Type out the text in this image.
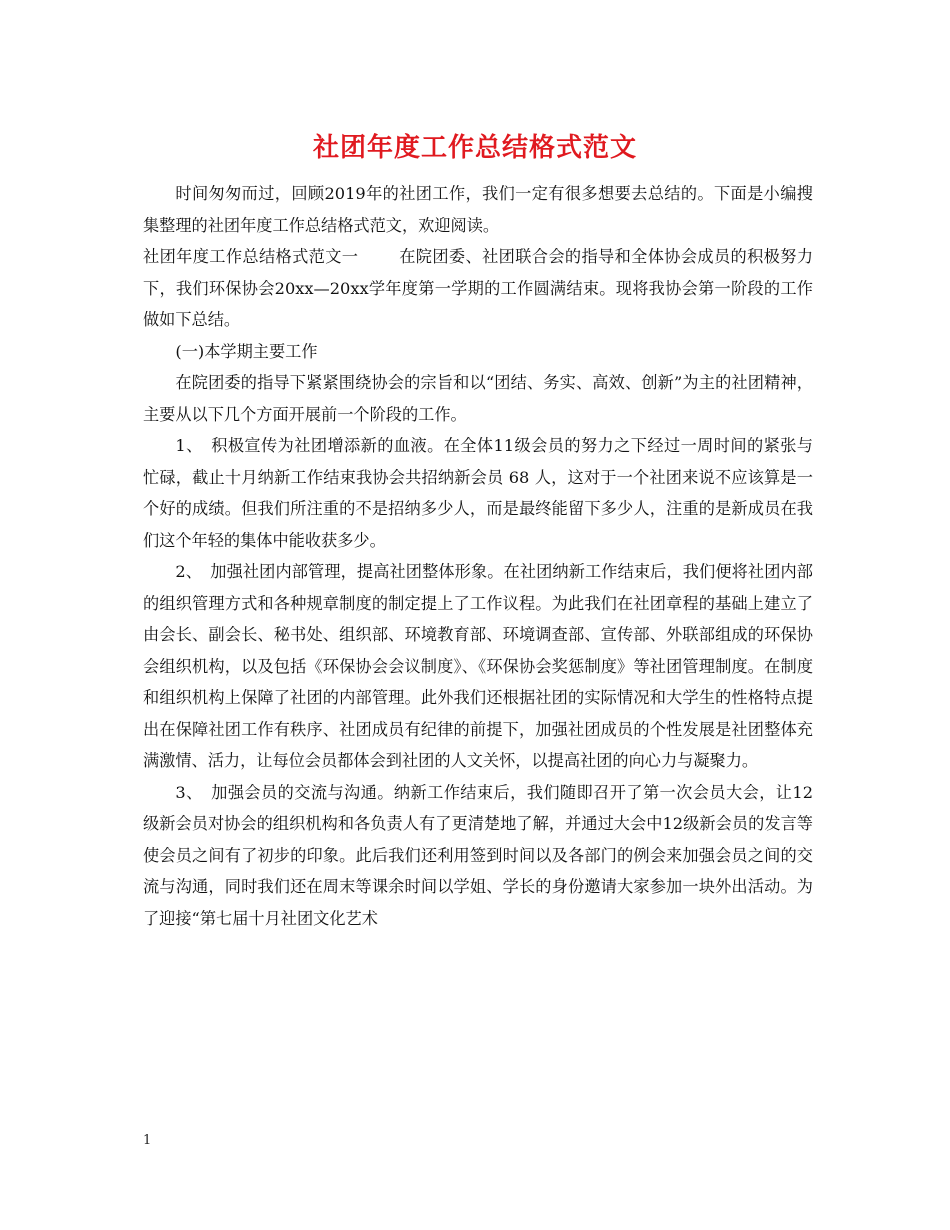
社团年度工作总结格式范文

时间匆匆而过，回顾2019年的社团工作，我们一定有很多想要去总结的。下面是小编搜集整理的社团年度工作总结格式范文，欢迎阅读。

社团年度工作总结格式范文一	在院团委、社团联合会的指导和全体协会成员的积极努力下，我们环保协会20xx—20xx学年度第一学期的工作圆满结束。现将我协会第一阶段的工作做如下总结。

(一)本学期主要工作

在院团委的指导下紧紧围绕协会的宗旨和以“团结、务实、高效、创新”为主的社团精神，主要从以下几个方面开展前一个阶段的工作。

1、　积极宣传为社团增添新的血液。在全体11级会员的努力之下经过一周时间的紧张与忙碌，截止十月纳新工作结束我协会共招纳新会员 68 人，这对于一个社团来说不应该算是一个好的成绩。但我们所注重的不是招纳多少人，而是最终能留下多少人，注重的是新成员在我们这个年轻的集体中能收获多少。

2、　加强社团内部管理，提高社团整体形象。在社团纳新工作结束后，我们便将社团内部的组织管理方式和各种规章制度的制定提上了工作议程。为此我们在社团章程的基础上建立了由会长、副会长、秘书处、组织部、环境教育部、环境调查部、宣传部、外联部组成的环保协会组织机构，以及包括《环保协会会议制度》、《环保协会奖惩制度》等社团管理制度。在制度和组织机构上保障了社团的内部管理。此外我们还根据社团的实际情况和大学生的性格特点提出在保障社团工作有秩序、社团成员有纪律的前提下，加强社团成员的个性发展是社团整体充满激情、活力，让每位会员都体会到社团的人文关怀，以提高社团的向心力与凝聚力。

3、　加强会员的交流与沟通。纳新工作结束后，我们随即召开了第一次会员大会，让12级新会员对协会的组织机构和各负责人有了更清楚地了解，并通过大会中12级新会员的发言等使会员之间有了初步的印象。此后我们还利用签到时间以及各部门的例会来加强会员之间的交流与沟通，同时我们还在周末等课余时间以学姐、学长的身份邀请大家参加一块外出活动。为了迎接“第七届十月社团文化艺术

1
